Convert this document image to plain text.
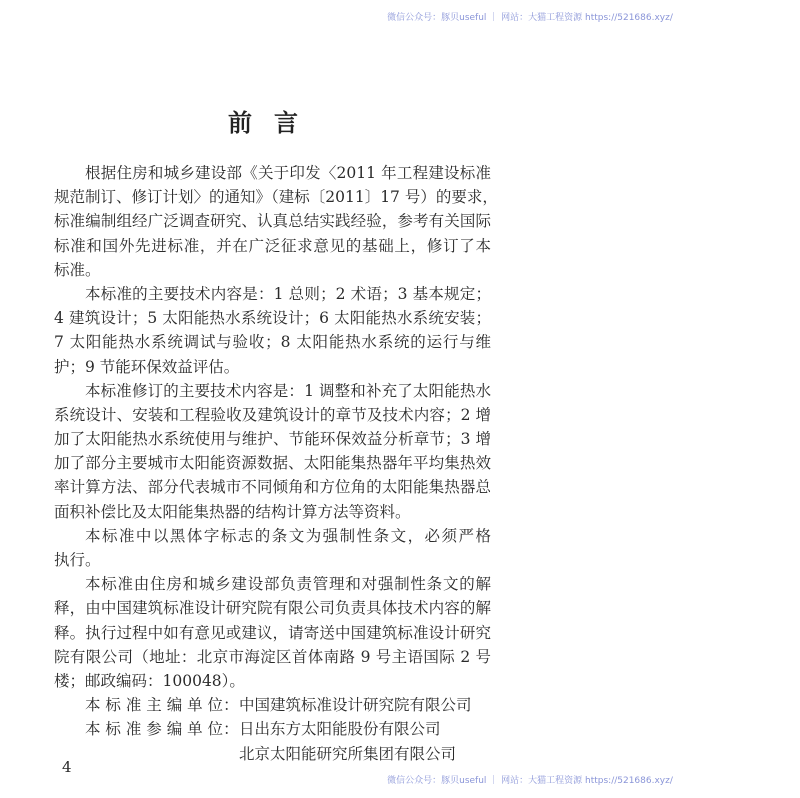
微信公众号：豚贝useful ｜ 网站：大猫工程资源 https://521686.xyz/
前言
根据住房和城乡建设部《关于印发〈2011 年工程建设标准
规范制订、修订计划〉的通知》（建标〔2011〕17 号）的要求，
标准编制组经广泛调查研究、认真总结实践经验，参考有关国际
标准和国外先进标准，并在广泛征求意见的基础上，修订了本
标准。
本标准的主要技术内容是：1 总则；2 术语；3 基本规定；
4 建筑设计；5 太阳能热水系统设计；6 太阳能热水系统安装；
7 太阳能热水系统调试与验收；8 太阳能热水系统的运行与维
护；9 节能环保效益评估。
本标准修订的主要技术内容是：1 调整和补充了太阳能热水
系统设计、安装和工程验收及建筑设计的章节及技术内容；2 增
加了太阳能热水系统使用与维护、节能环保效益分析章节；3 增
加了部分主要城市太阳能资源数据、太阳能集热器年平均集热效
率计算方法、部分代表城市不同倾角和方位角的太阳能集热器总
面积补偿比及太阳能集热器的结构计算方法等资料。
本标准中以黑体字标志的条文为强制性条文，必须严格
执行。
本标准由住房和城乡建设部负责管理和对强制性条文的解
释，由中国建筑标准设计研究院有限公司负责具体技术内容的解
释。执行过程中如有意见或建议，请寄送中国建筑标准设计研究
院有限公司（地址：北京市海淀区首体南路 9 号主语国际 2 号
楼；邮政编码：100048）。
本 标 准 主 编 单 位：中国建筑标准设计研究院有限公司
本 标 准 参 编 单 位：日出东方太阳能股份有限公司
北京太阳能研究所集团有限公司
4
微信公众号：豚贝useful ｜ 网站：大猫工程资源 https://521686.xyz/
